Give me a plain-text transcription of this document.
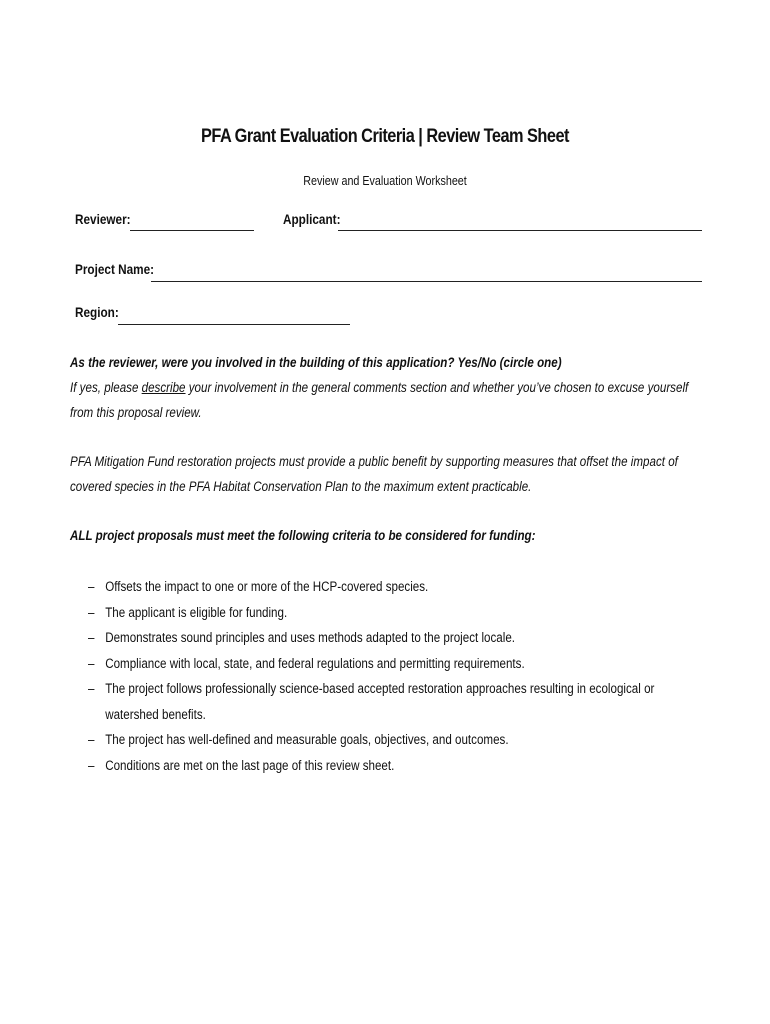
PFA Grant Evaluation Criteria | Review Team Sheet
Review and Evaluation Worksheet
Reviewer:	Applicant:
Project Name:
Region:
As the reviewer, were you involved in the building of this application? Yes/No (circle one)
If yes, please describe your involvement in the general comments section and whether you’ve chosen to excuse yourself from this proposal review.
PFA Mitigation Fund restoration projects must provide a public benefit by supporting measures that offset the impact of covered species in the PFA Habitat Conservation Plan to the maximum extent practicable.
ALL project proposals must meet the following criteria to be considered for funding:
– Offsets the impact to one or more of the HCP-covered species.
– The applicant is eligible for funding.
– Demonstrates sound principles and uses methods adapted to the project locale.
– Compliance with local, state, and federal regulations and permitting requirements.
– The project follows professionally science-based accepted restoration approaches resulting in ecological or watershed benefits.
– The project has well-defined and measurable goals, objectives, and outcomes.
– Conditions are met on the last page of this review sheet.
